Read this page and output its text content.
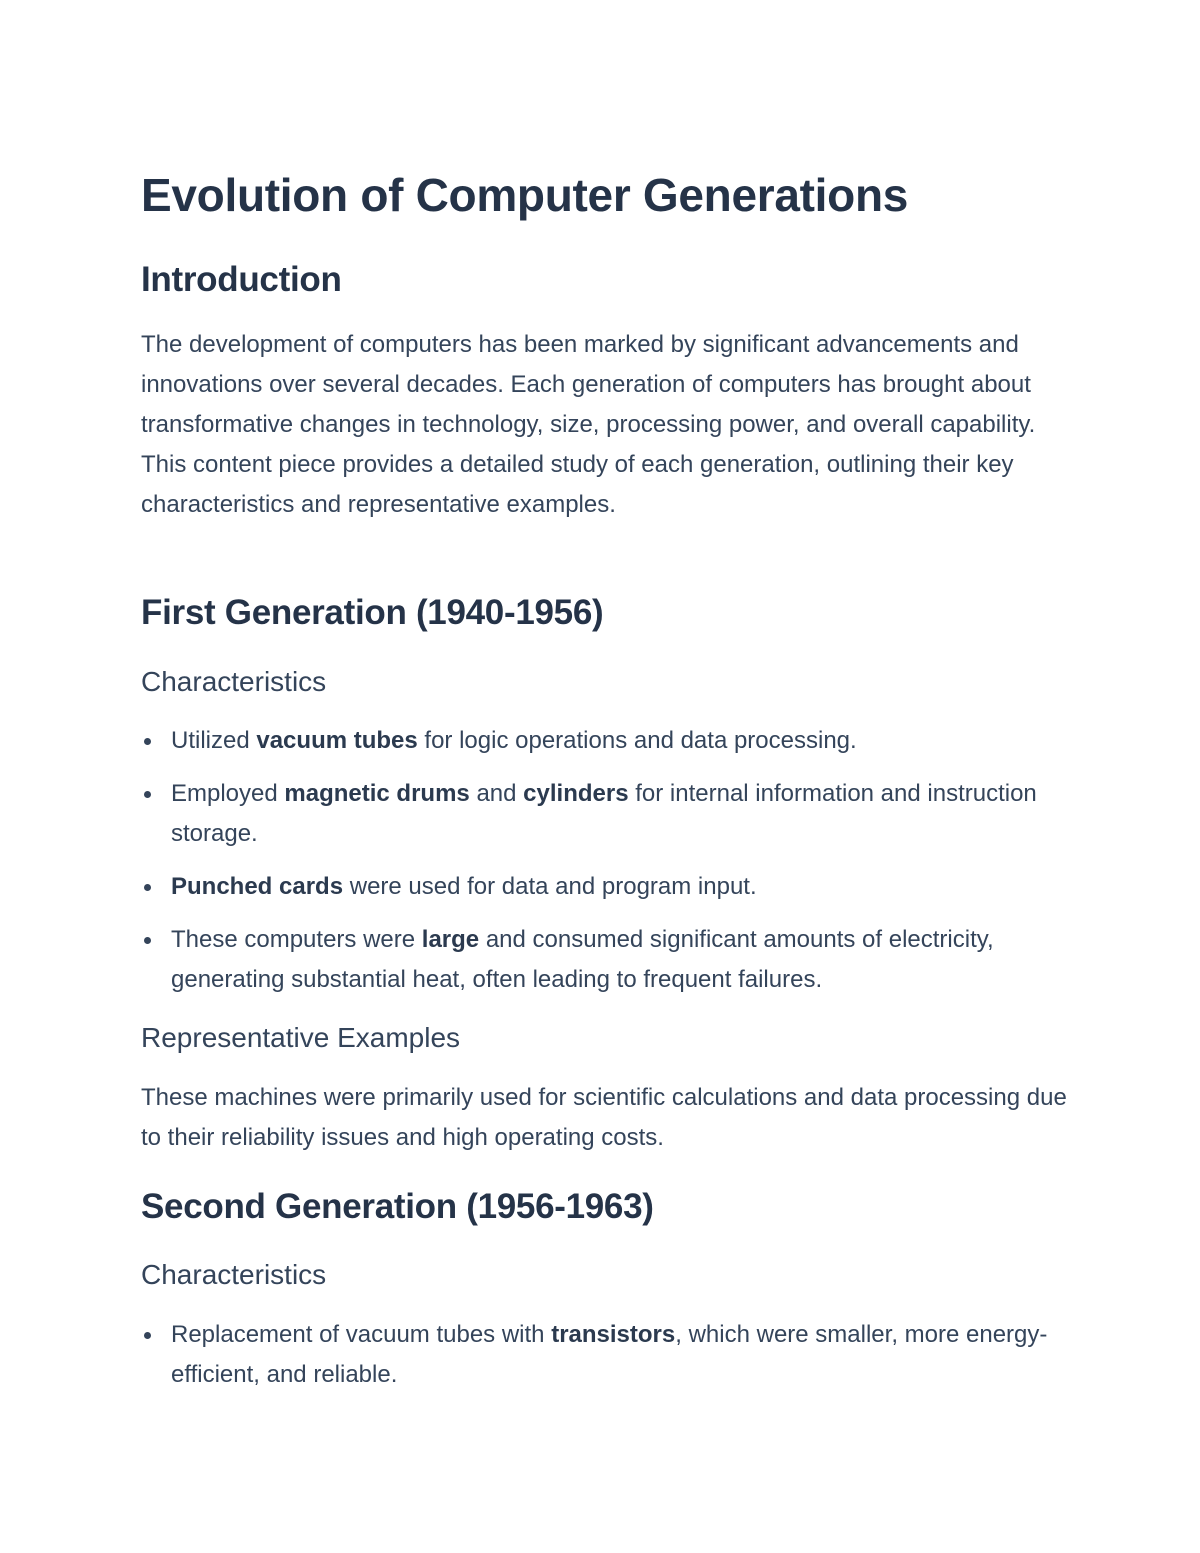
Evolution of Computer Generations
Introduction

The development of computers has been marked by significant advancements and innovations over several decades. Each generation of computers has brought about transformative changes in technology, size, processing power, and overall capability. This content piece provides a detailed study of each generation, outlining their key characteristics and representative examples.

First Generation (1940-1956)
Characteristics
Utilized vacuum tubes for logic operations and data processing.
Employed magnetic drums and cylinders for internal information and instruction storage.
Punched cards were used for data and program input.
These computers were large and consumed significant amounts of electricity, generating substantial heat, often leading to frequent failures.
Representative Examples

These machines were primarily used for scientific calculations and data processing due to their reliability issues and high operating costs.

Second Generation (1956-1963)
Characteristics
Replacement of vacuum tubes with transistors, which were smaller, more energy-efficient, and reliable.
